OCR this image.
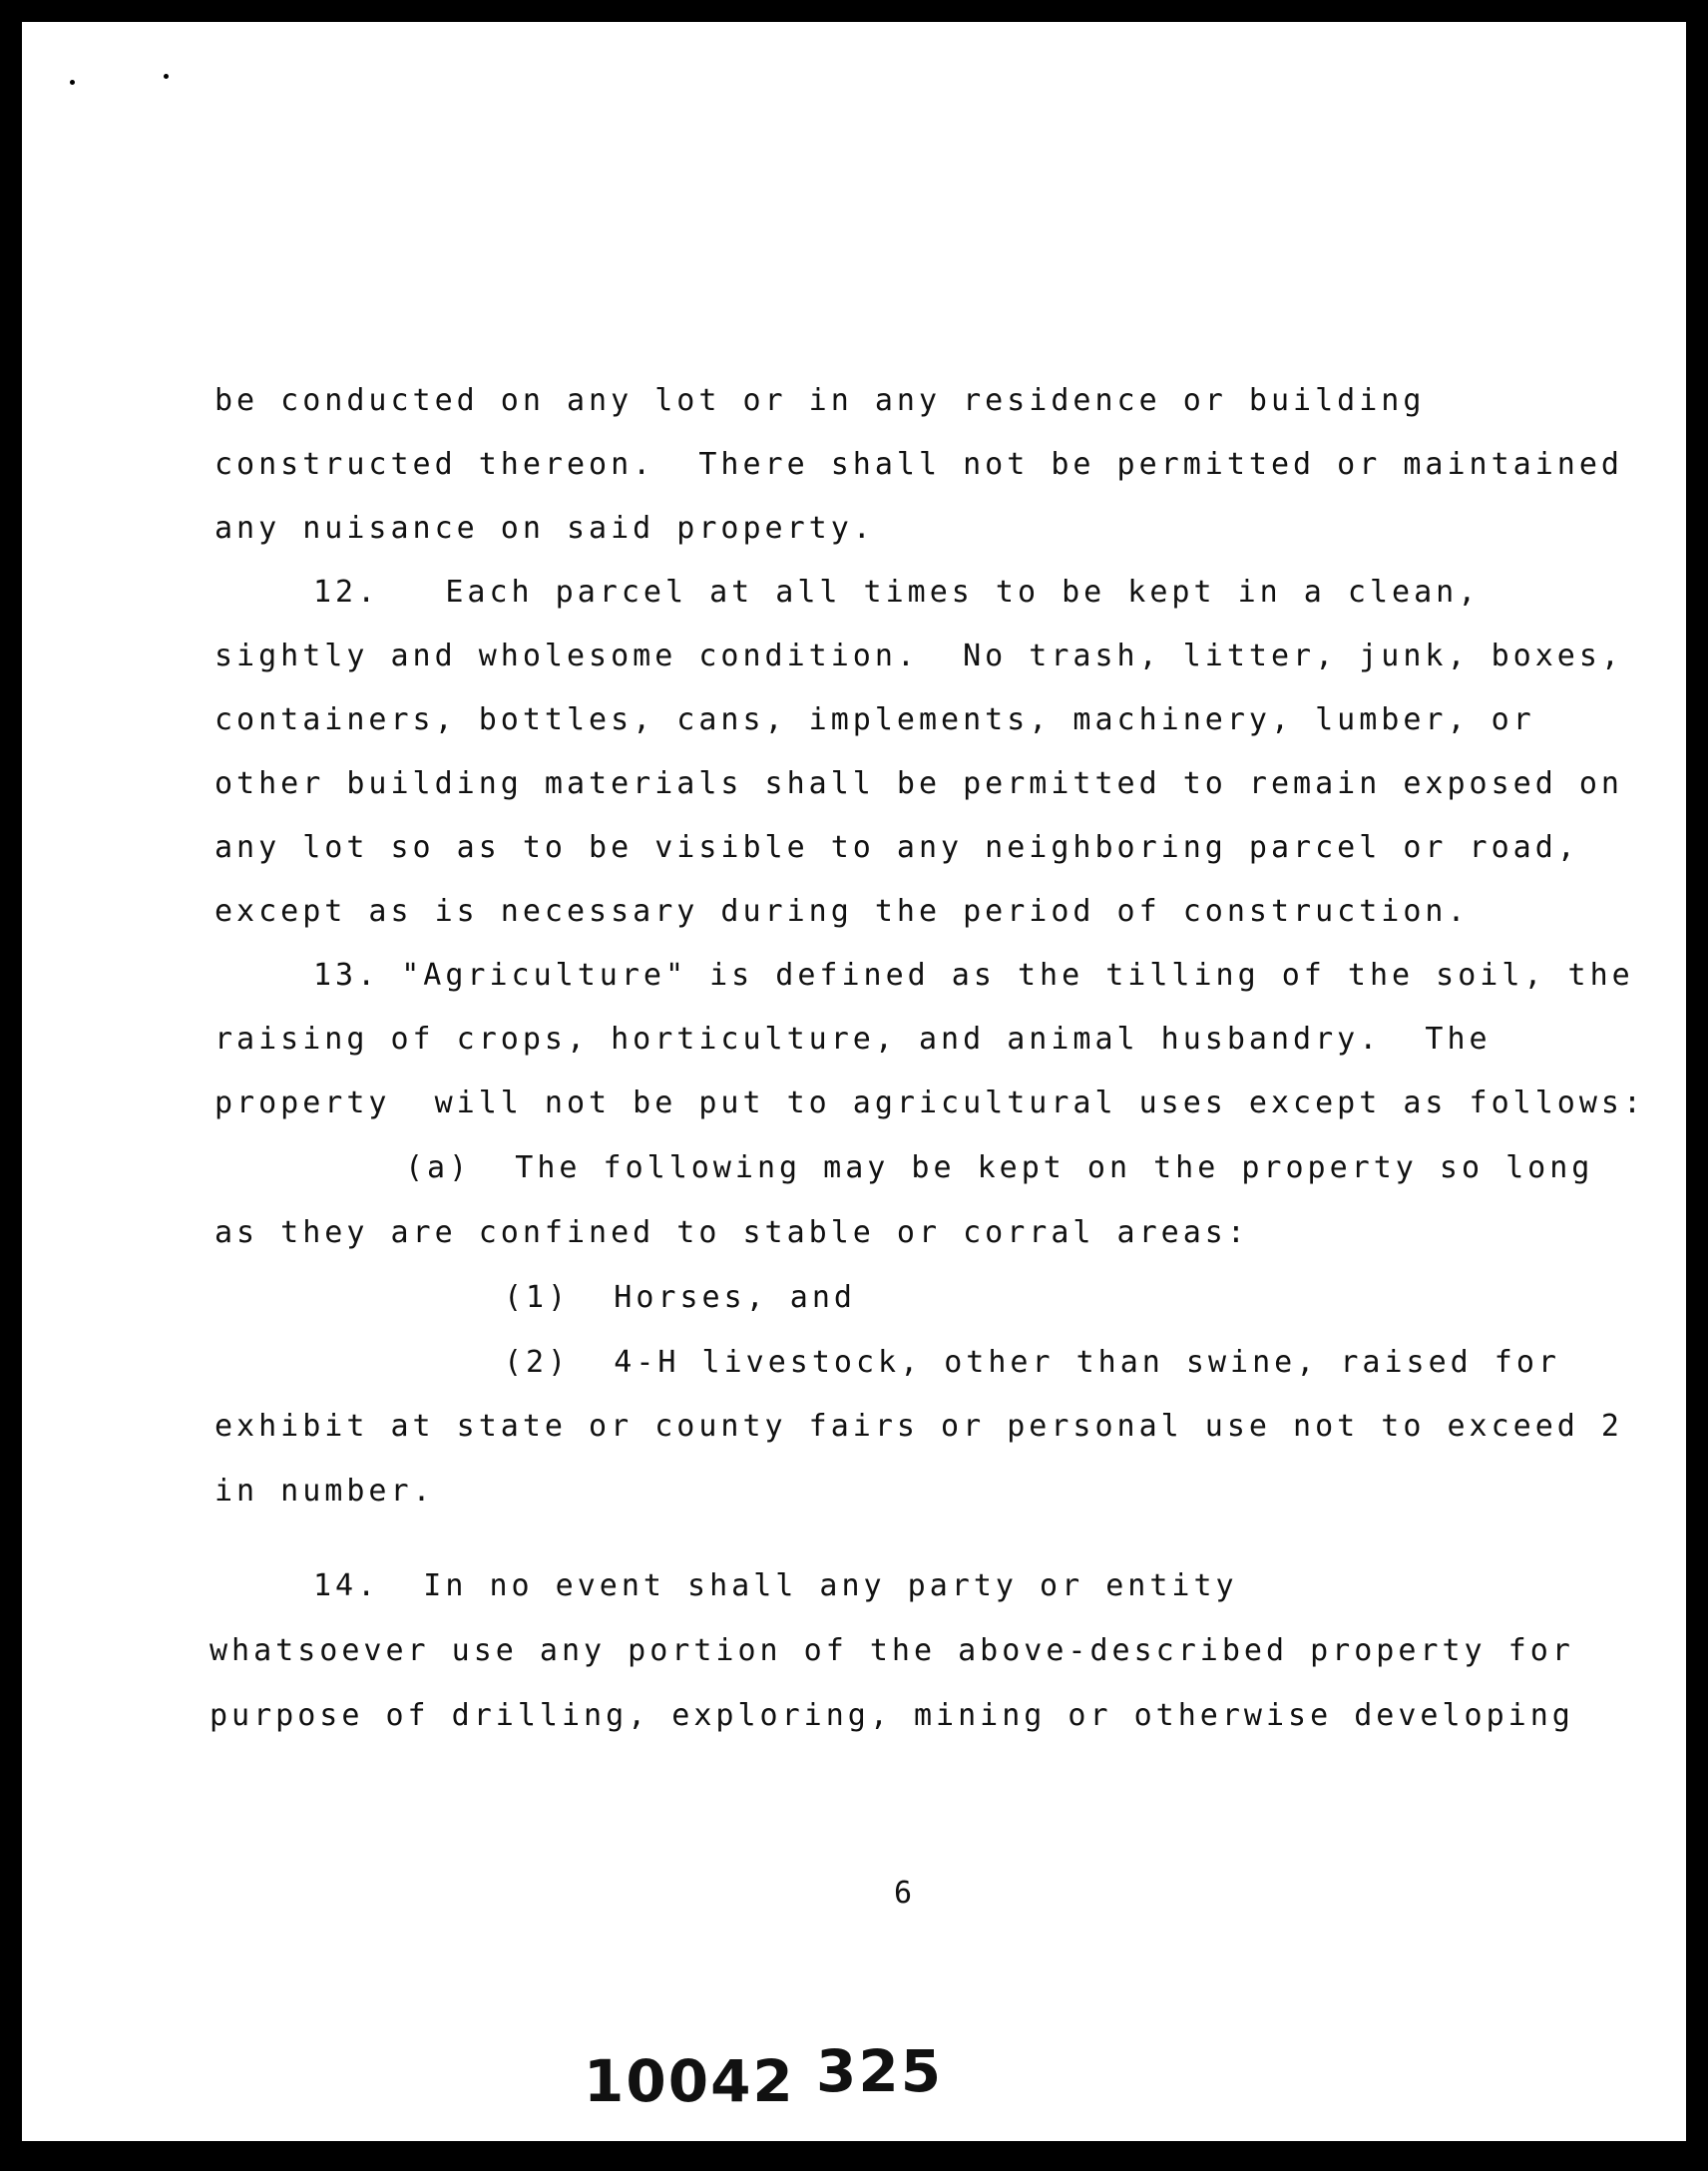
be conducted on any lot or in any residence or building
constructed thereon.  There shall not be permitted or maintained
any nuisance on said property.
12.   Each parcel at all times to be kept in a clean,
sightly and wholesome condition.  No trash, litter, junk, boxes,
containers, bottles, cans, implements, machinery, lumber, or
other building materials shall be permitted to remain exposed on
any lot so as to be visible to any neighboring parcel or road,
except as is necessary during the period of construction.
13. "Agriculture" is defined as the tilling of the soil, the
raising of crops, horticulture, and animal husbandry.  The
property  will not be put to agricultural uses except as follows:
(a)  The following may be kept on the property so long
as they are confined to stable or corral areas:
(1)  Horses, and
(2)  4-H livestock, other than swine, raised for
exhibit at state or county fairs or personal use not to exceed 2
in number.
14.  In no event shall any party or entity
whatsoever use any portion of the above-described property for
purpose of drilling, exploring, mining or otherwise developing
6
10042 325
